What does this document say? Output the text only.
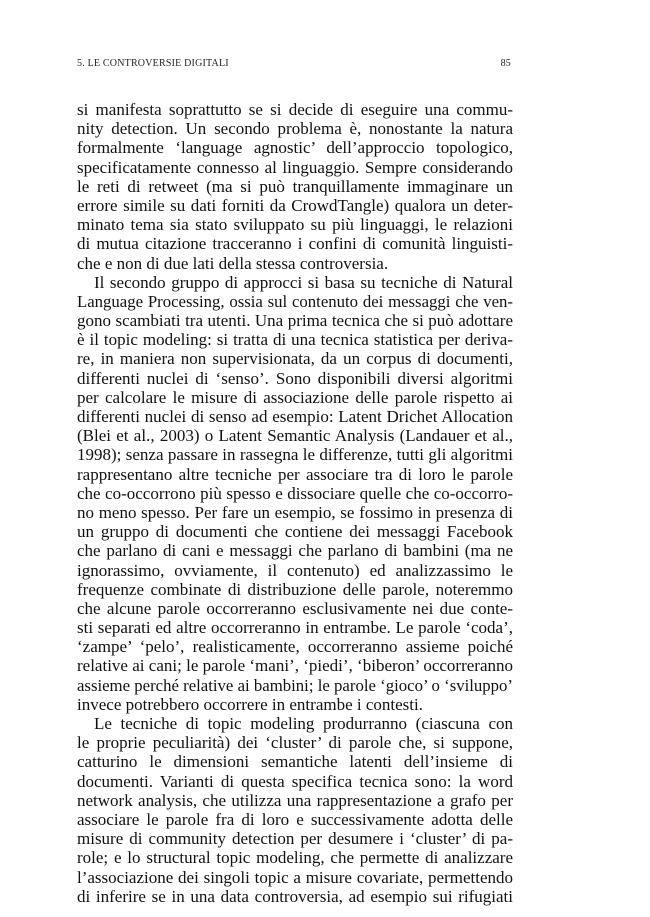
5. LE CONTROVERSIE DIGITALI	85
si manifesta soprattutto se si decide di eseguire una commu-
nity detection. Un secondo problema è, nonostante la natura
formalmente ‘language agnostic’ dell’approccio topologico,
specificatamente connesso al linguaggio. Sempre considerando
le reti di retweet (ma si può tranquillamente immaginare un
errore simile su dati forniti da CrowdTangle) qualora un deter-
minato tema sia stato sviluppato su più linguaggi, le relazioni
di mutua citazione tracceranno i confini di comunità linguisti-
che e non di due lati della stessa controversia.
Il secondo gruppo di approcci si basa su tecniche di Natural
Language Processing, ossia sul contenuto dei messaggi che ven-
gono scambiati tra utenti. Una prima tecnica che si può adottare
è il topic modeling: si tratta di una tecnica statistica per deriva-
re, in maniera non supervisionata, da un corpus di documenti,
differenti nuclei di ‘senso’. Sono disponibili diversi algoritmi
per calcolare le misure di associazione delle parole rispetto ai
differenti nuclei di senso ad esempio: Latent Drichet Allocation
(Blei et al., 2003) o Latent Semantic Analysis (Landauer et al.,
1998); senza passare in rassegna le differenze, tutti gli algoritmi
rappresentano altre tecniche per associare tra di loro le parole
che co-occorrono più spesso e dissociare quelle che co-occorro-
no meno spesso. Per fare un esempio, se fossimo in presenza di
un gruppo di documenti che contiene dei messaggi Facebook
che parlano di cani e messaggi che parlano di bambini (ma ne
ignorassimo, ovviamente, il contenuto) ed analizzassimo le
frequenze combinate di distribuzione delle parole, noteremmo
che alcune parole occorreranno esclusivamente nei due conte-
sti separati ed altre occorreranno in entrambe. Le parole ‘coda’,
‘zampe’ ‘pelo’, realisticamente, occorreranno assieme poiché
relative ai cani; le parole ‘mani’, ‘piedi’, ‘biberon’ occorreranno
assieme perché relative ai bambini; le parole ‘gioco’ o ‘sviluppo’
invece potrebbero occorrere in entrambe i contesti.
Le tecniche di topic modeling produrranno (ciascuna con
le proprie peculiarità) dei ‘cluster’ di parole che, si suppone,
catturino le dimensioni semantiche latenti dell’insieme di
documenti. Varianti di questa specifica tecnica sono: la word
network analysis, che utilizza una rappresentazione a grafo per
associare le parole fra di loro e successivamente adotta delle
misure di community detection per desumere i ‘cluster’ di pa-
role; e lo structural topic modeling, che permette di analizzare
l’associazione dei singoli topic a misure covariate, permettendo
di inferire se in una data controversia, ad esempio sui rifugiati
